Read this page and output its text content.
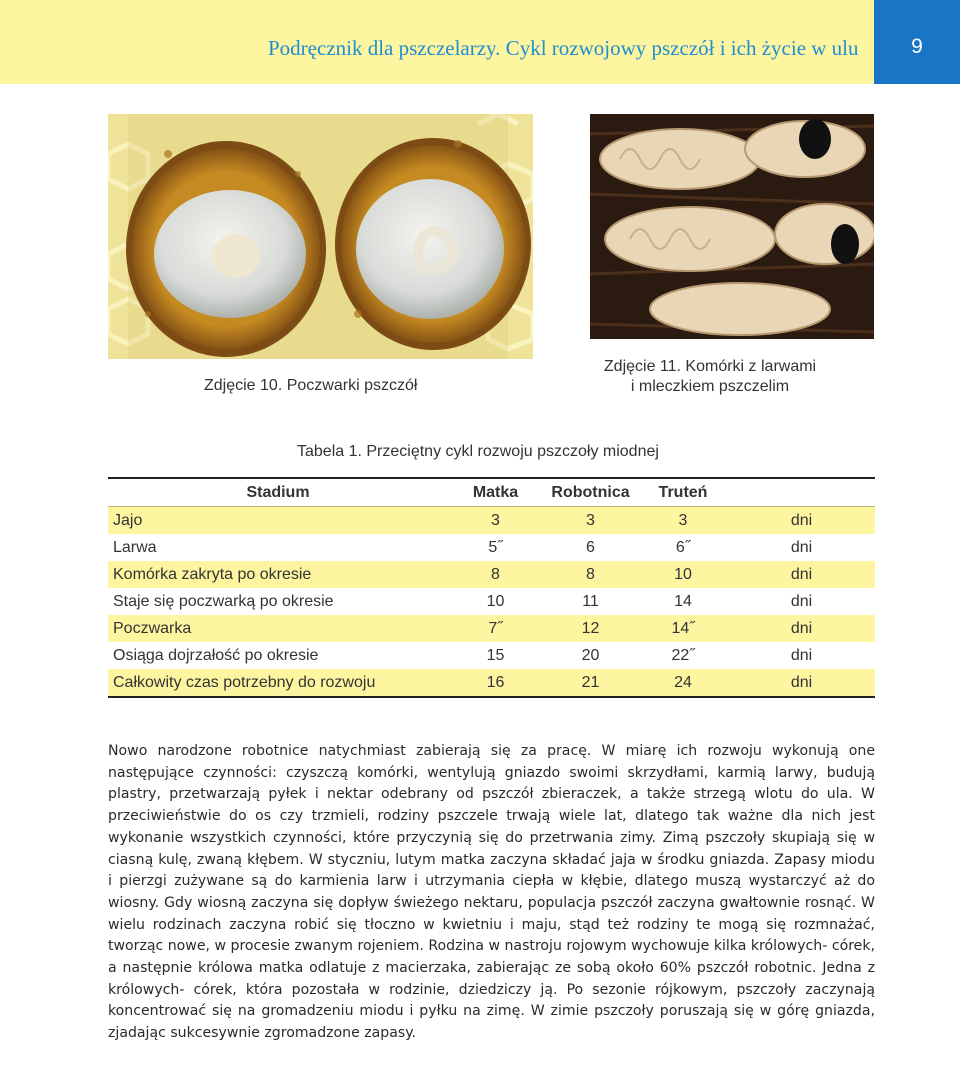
Podręcznik dla pszczelarzy. Cykl rozwojowy pszczół i ich życie w ulu	9
Zdjęcie 10. Poczwarki pszczół
Zdjęcie 11. Komórki z larwami
i mleczkiem pszczelim
Tabela 1. Przeciętny cykl rozwoju pszczoły miodnej
Stadium	Matka	Robotnica	Truteń	
Jajo	3	3	3	dni
Larwa	5˝	6	6˝	dni
Komórka zakryta po okresie	8	8	10	dni
Staje się poczwarką po okresie	10	11	14	dni
Poczwarka	7˝	12	14˝	dni
Osiąga dojrzałość po okresie	15	20	22˝	dni
Całkowity czas potrzebny do rozwoju	16	21	24	dni

Nowo narodzone robotnice natychmiast zabierają się za pracę. W miarę ich rozwoju wykonują one następujące czynności: czyszczą komórki, wentylują gniazdo swoimi skrzydłami, karmią larwy, budują plastry, przetwarzają pyłek i nektar odebrany od pszczół zbieraczek, a także strzegą wlotu do ula. W przeciwieństwie do os czy trzmieli, rodziny pszczele trwają wiele lat, dlatego tak ważne dla nich jest wykonanie wszystkich czynności, które przyczynią się do przetrwania zimy. Zimą pszczoły skupiają się w ciasną kulę, zwaną kłębem. W styczniu, lutym matka zaczyna składać jaja w środku gniazda. Zapasy miodu i pierzgi zużywane są do karmienia larw i utrzymania ciepła w kłębie, dlatego muszą wystarczyć aż do wiosny. Gdy wiosną zaczyna się dopływ świeżego nektaru, populacja pszczół zaczyna gwałtownie rosnąć. W wielu rodzinach zaczyna robić się tłoczno w kwietniu i maju, stąd też rodziny te mogą się rozmnażać, tworząc nowe, w procesie zwanym rojeniem. Rodzina w nastroju rojowym wychowuje kilka królowych- córek, a następnie królowa matka odlatuje z macierzaka, zabierając ze sobą około 60% pszczół robotnic. Jedna z królowych- córek, która pozostała w rodzinie, dziedziczy ją. Po sezonie rójkowym, pszczoły zaczynają koncentrować się na gromadzeniu miodu i pyłku na zimę. W zimie pszczoły poruszają się w górę gniazda, zjadając sukcesywnie zgromadzone zapasy.
